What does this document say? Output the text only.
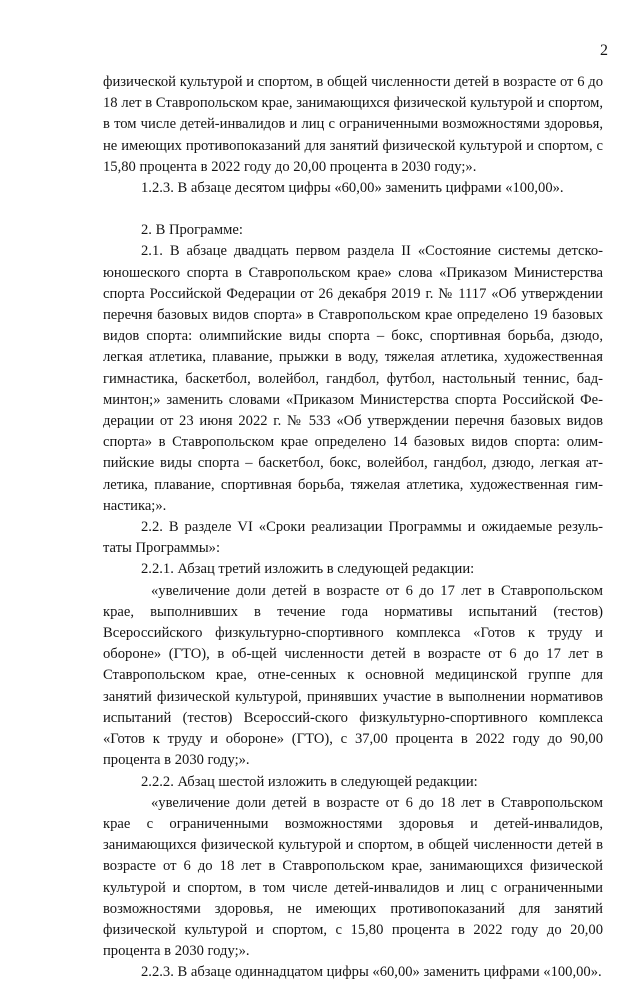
2

физической культурой и спортом, в общей численности детей в возрасте от 6 до 18 лет в Ставропольском крае, занимающихся физической культурой и спортом, в том числе детей-инвалидов и лиц с ограниченными возможностями здоровья, не имеющих противопоказаний для занятий физической культурой и спортом, с 15,80 процента в 2022 году до 20,00 процента в 2030 году;».

1.2.3. В абзаце десятом цифры «60,00» заменить цифрами «100,00».

2. В Программе:

2.1. В абзаце двадцать первом раздела II «Состояние системы детско-юношеского спорта в Ставропольском крае» слова «Приказом Министерства спорта Российской Федерации от 26 декабря 2019 г. № 1117 «Об утверждении перечня базовых видов спорта» в Ставропольском крае определено 19 базовых видов спорта: олимпийские виды спорта – бокс, спортивная борьба, дзюдо, легкая атлетика, плавание, прыжки в воду, тяжелая атлетика, художественная гимнастика, баскетбол, волейбол, гандбол, футбол, настольный теннис, бад-минтон;» заменить словами «Приказом Министерства спорта Российской Фе-дерации от 23 июня 2022 г. № 533 «Об утверждении перечня базовых видов спорта» в Ставропольском крае определено 14 базовых видов спорта: олим-пийские виды спорта – баскетбол, бокс, волейбол, гандбол, дзюдо, легкая ат-летика, плавание, спортивная борьба, тяжелая атлетика, художественная гим-настика;».

2.2. В разделе VI «Сроки реализации Программы и ожидаемые резуль-таты Программы»:

2.2.1. Абзац третий изложить в следующей редакции:

«увеличение доли детей в возрасте от 6 до 17 лет в Ставропольском крае, выполнивших в течение года нормативы испытаний (тестов) Всероссийского физкультурно-спортивного комплекса «Готов к труду и обороне» (ГТО), в об-щей численности детей в возрасте от 6 до 17 лет в Ставропольском крае, отне-сенных к основной медицинской группе для занятий физической культурой, принявших участие в выполнении нормативов испытаний (тестов) Всероссий-ского физкультурно-спортивного комплекса «Готов к труду и обороне» (ГТО), с 37,00 процента в 2022 году до 90,00 процента в 2030 году;».

2.2.2. Абзац шестой изложить в следующей редакции:

«увеличение доли детей в возрасте от 6 до 18 лет в Ставропольском крае с ограниченными возможностями здоровья и детей-инвалидов, занимающихся физической культурой и спортом, в общей численности детей в возрасте от 6 до 18 лет в Ставропольском крае, занимающихся физической культурой и спортом, в том числе детей-инвалидов и лиц с ограниченными возможностями здоровья, не имеющих противопоказаний для занятий физической культурой и спортом, с 15,80 процента в 2022 году до 20,00 процента в 2030 году;».

2.2.3. В абзаце одиннадцатом цифры «60,00» заменить цифрами «100,00».
